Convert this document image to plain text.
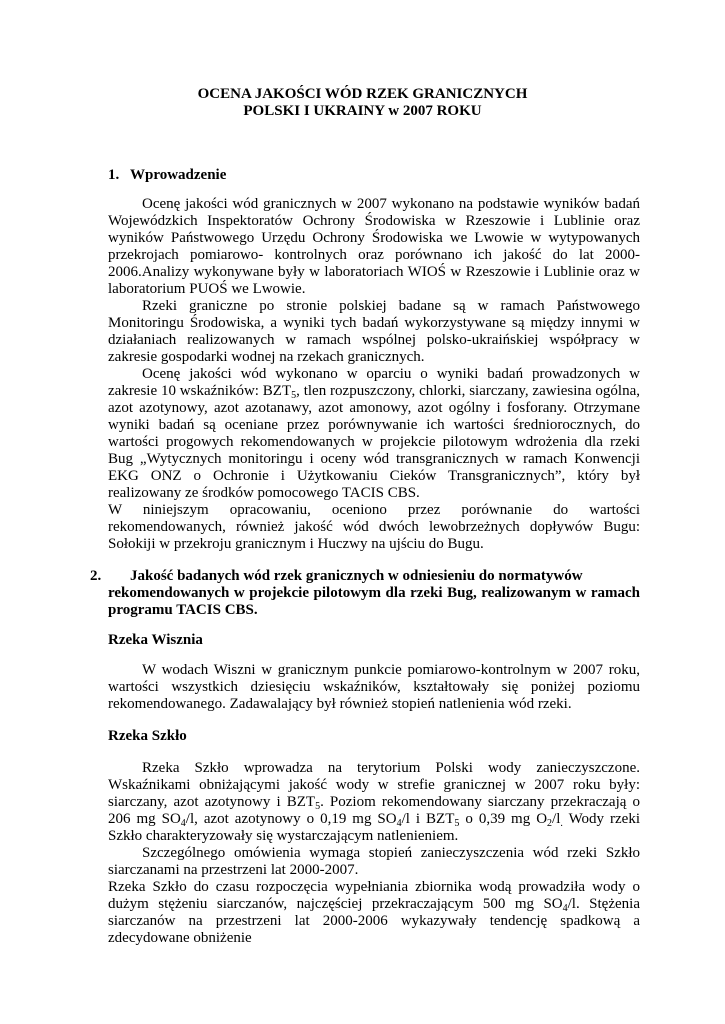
OCENA JAKOŚCI WÓD RZEK GRANICZNYCH
POLSKI I UKRAINY w 2007 ROKU
1. Wprowadzenie

Ocenę jakości wód granicznych w 2007 wykonano na podstawie wyników badań Wojewódzkich Inspektoratów Ochrony Środowiska w Rzeszowie i Lublinie oraz wyników Państwowego Urzędu Ochrony Środowiska we Lwowie w wytypowanych przekrojach pomiarowo- kontrolnych oraz porównano ich jakość do lat 2000-2006.Analizy wykonywane były w laboratoriach WIOŚ w Rzeszowie i Lublinie oraz w laboratorium PUOŚ we Lwowie.

Rzeki graniczne po stronie polskiej badane są w ramach Państwowego Monitoringu Środowiska, a wyniki tych badań wykorzystywane są między innymi w działaniach realizowanych w ramach wspólnej polsko-ukraińskiej współpracy w zakresie gospodarki wodnej na rzekach granicznych.

Ocenę jakości wód wykonano w oparciu o wyniki badań prowadzonych w zakresie 10 wskaźników: $BZT_5$, tlen rozpuszczony, chlorki, siarczany, zawiesina ogólna, azot azotynowy, azot azotanawy, azot amonowy, azot ogólny i fosforany. Otrzymane wyniki badań są oceniane przez porównywanie ich wartości średniorocznych, do wartości progowych rekomendowanych w projekcie pilotowym wdrożenia dla rzeki Bug „Wytycznych monitoringu i oceny wód transgranicznych w ramach Konwencji EKG ONZ o Ochronie i Użytkowaniu Cieków Transgranicznych”, który był realizowany ze środków pomocowego TACIS CBS.

W niniejszym opracowaniu, oceniono przez porównanie do wartości rekomendowanych, również jakość wód dwóch lewobrzeżnych dopływów Bugu: Sołokiji w przekroju granicznym i Huczwy na ujściu do Bugu.

2. Jakość badanych wód rzek granicznych w odniesieniu do normatywów
rekomendowanych w projekcie pilotowym dla rzeki Bug, realizowanym w ramach programu TACIS CBS.
Rzeka Wisznia

W wodach Wiszni w granicznym punkcie pomiarowo-kontrolnym w 2007 roku, wartości wszystkich dziesięciu wskaźników, kształtowały się poniżej poziomu rekomendowanego. Zadawalający był również stopień natlenienia wód rzeki.

Rzeka Szkło

Rzeka Szkło wprowadza na terytorium Polski wody zanieczyszczone. Wskaźnikami obniżającymi jakość wody w strefie granicznej w 2007 roku były: siarczany, azot azotynowy i $BZT_5$. Poziom rekomendowany siarczany przekraczają o 206 mg $SO_4/l$, azot azotynowy o 0,19 mg $SO_4/l$ i $BZT_5$ o 0,39 mg $O_2/l_.$ Wody rzeki Szkło charakteryzowały się wystarczającym natlenieniem.

Szczególnego omówienia wymaga stopień zanieczyszczenia wód rzeki Szkło siarczanami na przestrzeni lat 2000-2007.

Rzeka Szkło do czasu rozpoczęcia wypełniania zbiornika wodą prowadziła wody o dużym stężeniu siarczanów, najczęściej przekraczającym 500 mg $SO_4/l$. Stężenia siarczanów na przestrzeni lat 2000-2006 wykazywały tendencję spadkową a zdecydowane obniżenie
